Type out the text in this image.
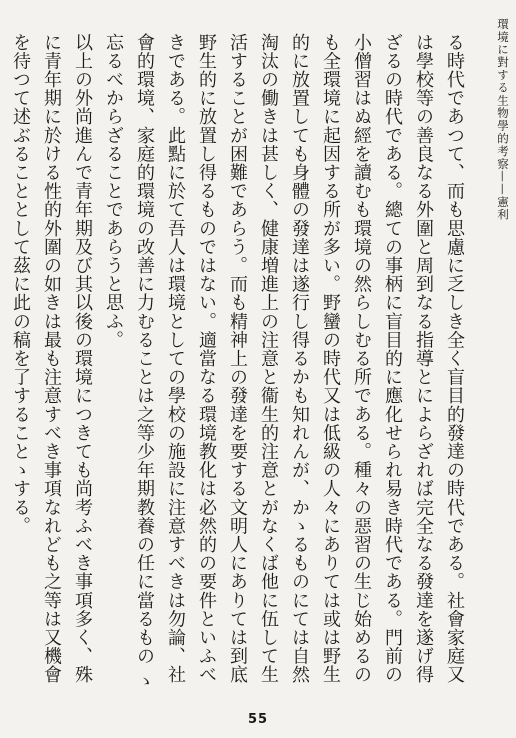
環境に對する生物學的考察——憲利

る時代であつて、而も思慮に乏しき全く盲目的發達の時代である。社會家庭又は學校等の善良なる外圍と周到なる指導とによらざれば完全なる發達を遂げ得ざるの時代である。總ての事柄に盲目的に應化せられ易き時代である。門前の小僧習はぬ經を讀むも環境の然らしむる所である。種々の惡習の生じ始めるのも全環境に起因する所が多い。野蠻の時代又は低級の人々にありては或は野生的に放置しても身體の發達は遂行し得るかも知れんが、かゝるものにては自然淘汰の働きは甚しく、健康増進上の注意と衞生的注意とがなくば他に伍して生活することが困難であらう。而も精神上の發達を要する文明人にありては到底野生的に放置し得るものではない。適當なる環境教化は必然的の要件といふべきである。此點に於て吾人は環境としての學校の施設に注意すべきは勿論、社會的環境、家庭的環境の改善に力むることは之等少年期教養の任に當るもの ゝ忘るべからざることであらうと思ふ。

以上の外尚進んで青年期及び其以後の環境につきても尚考ふべき事項多く、殊に青年期に於ける性的外圍の如きは最も注意すべき事項なれども之等は又機會を待つて述ぶることとして茲に此の稿を了することゝする。

55
